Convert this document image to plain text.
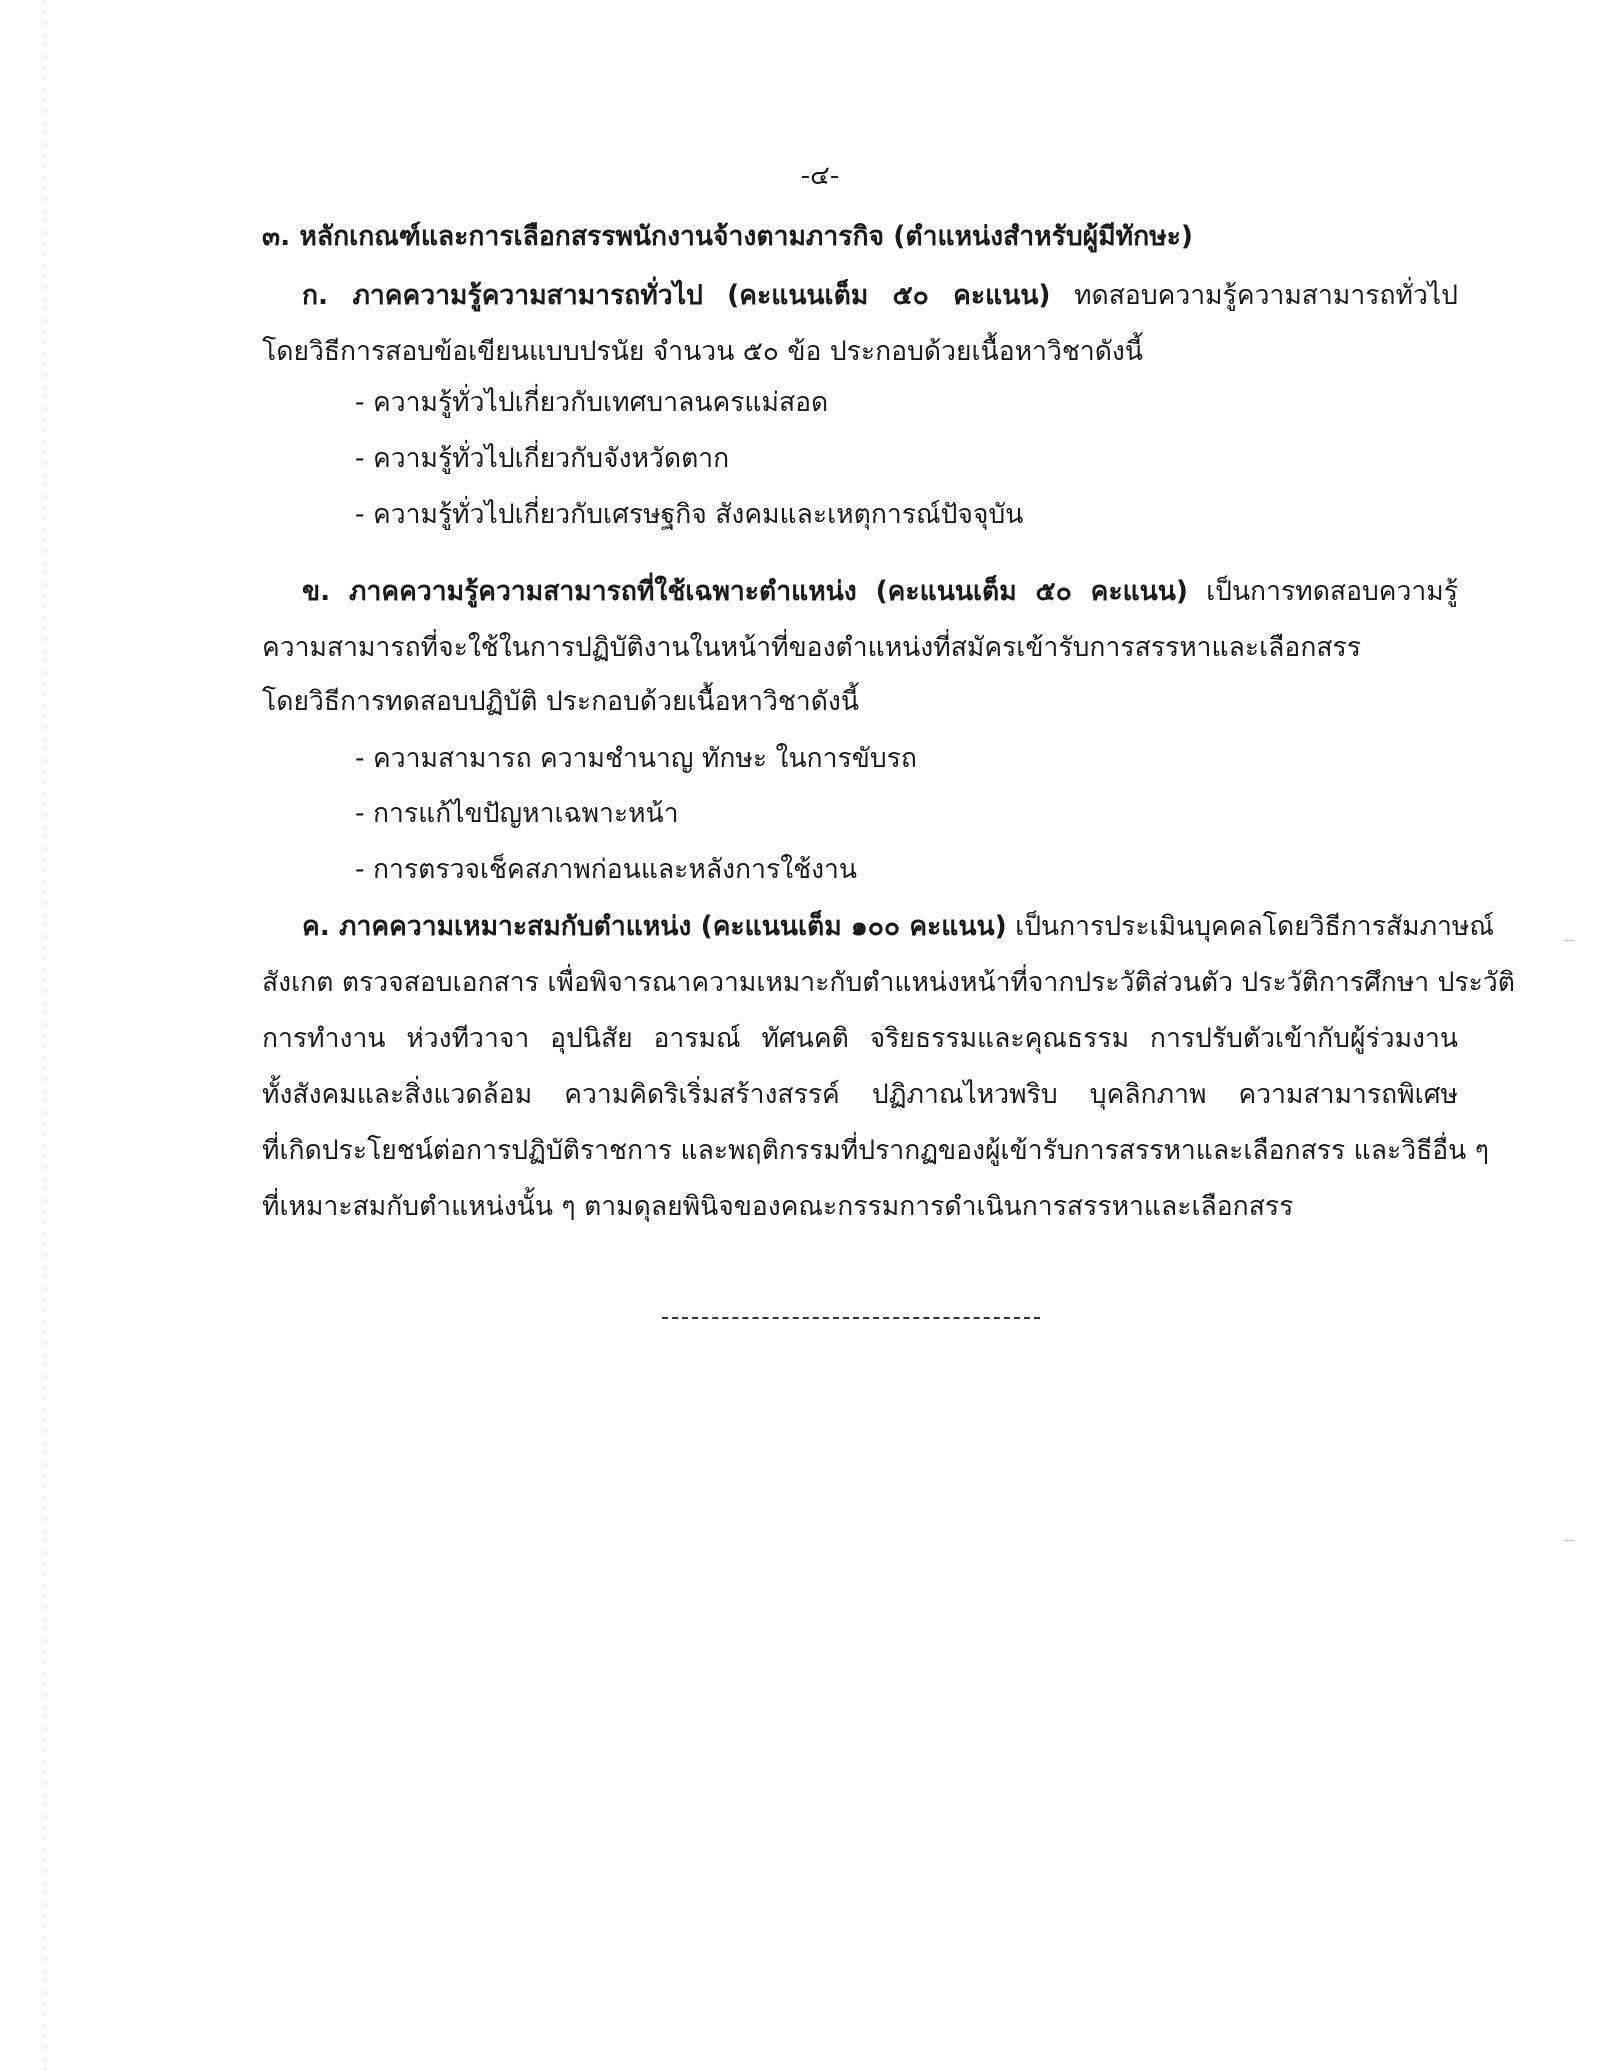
-๔-
๓. หลักเกณฑ์และการเลือกสรรพนักงานจ้างตามภารกิจ (ตำแหน่งสำหรับผู้มีทักษะ)
ก. ภาคความรู้ความสามารถทั่วไป (คะแนนเต็ม ๕๐ คะแนน) ทดสอบความรู้ความสามารถทั่วไป
โดยวิธีการสอบข้อเขียนแบบปรนัย จำนวน ๕๐ ข้อ ประกอบด้วยเนื้อหาวิชาดังนี้
- ความรู้ทั่วไปเกี่ยวกับเทศบาลนครแม่สอด
- ความรู้ทั่วไปเกี่ยวกับจังหวัดตาก
- ความรู้ทั่วไปเกี่ยวกับเศรษฐกิจ สังคมและเหตุการณ์ปัจจุบัน
ข. ภาคความรู้ความสามารถที่ใช้เฉพาะตำแหน่ง (คะแนนเต็ม ๕๐ คะแนน) เป็นการทดสอบความรู้
ความสามารถที่จะใช้ในการปฏิบัติงานในหน้าที่ของตำแหน่งที่สมัครเข้ารับการสรรหาและเลือกสรร
โดยวิธีการทดสอบปฏิบัติ ประกอบด้วยเนื้อหาวิชาดังนี้
- ความสามารถ ความชำนาญ ทักษะ ในการขับรถ
- การแก้ไขปัญหาเฉพาะหน้า
- การตรวจเช็คสภาพก่อนและหลังการใช้งาน
ค. ภาคความเหมาะสมกับตำแหน่ง (คะแนนเต็ม ๑๐๐ คะแนน) เป็นการประเมินบุคคลโดยวิธีการสัมภาษณ์
สังเกต ตรวจสอบเอกสาร เพื่อพิจารณาความเหมาะกับตำแหน่งหน้าที่จากประวัติส่วนตัว ประวัติการศึกษา ประวัติ
การทำงาน ห่วงทีวาจา อุปนิสัย อารมณ์ ทัศนคติ จริยธรรมและคุณธรรม การปรับตัวเข้ากับผู้ร่วมงาน
ทั้งสังคมและสิ่งแวดล้อม ความคิดริเริ่มสร้างสรรค์ ปฏิภาณไหวพริบ บุคลิกภาพ ความสามารถพิเศษ
ที่เกิดประโยชน์ต่อการปฏิบัติราชการ และพฤติกรรมที่ปรากฏของผู้เข้ารับการสรรหาและเลือกสรร และวิธีอื่น ๆ
ที่เหมาะสมกับตำแหน่งนั้น ๆ ตามดุลยพินิจของคณะกรรมการดำเนินการสรรหาและเลือกสรร
